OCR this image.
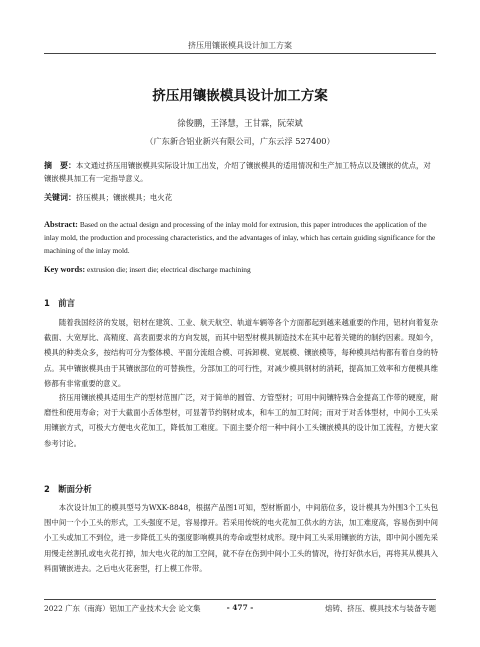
挤压用镶嵌模具设计加工方案
挤压用镶嵌模具设计加工方案
徐俊鹏，王泽慧，王甘霖，阮荣斌
（广东新合铝业新兴有限公司，广东云浮 527400）
摘　要：本文通过挤压用镶嵌模具实际设计加工出发，介绍了镶嵌模具的适用情况和生产加工特点以及镶嵌的优点，对镶嵌模具加工有一定指导意义。
关键词：挤压模具；镶嵌模具；电火花
Abstract: Based on the actual design and processing of the inlay mold for extrusion, this paper introduces the application of the inlay mold, the production and processing characteristics, and the advantages of inlay, which has certain guiding significance for the machining of the inlay mold.
Key words: extrusion die; insert die; electrical discharge machining
1　前言
随着我国经济的发展，铝材在建筑、工业、航天航空、轨道车辆等各个方面都起到越来越重要的作用，铝材向着复杂截面、大宽厚比、高精度、高表面要求的方向发展，而其中铝型材模具制造技术在其中起着关键的的制约因素。现如今，模具的种类众多，按结构可分为整体模、平面分流组合模、可拆卸模、宽展模、镶嵌模等，每种模具结构都有着自身的特点。其中镶嵌模具由于其镶嵌部位的可替换性，分部加工的可行性，对减少模具钢材的消耗，提高加工效率和方便模具维修都有非常重要的意义。
挤压用镶嵌模具适用生产的型材范围广泛，对于简单的圆管、方管型材；可用中间镶特殊合金提高工作带的硬度，耐磨性和使用寿命；对于大截面小舌体型材，可显著节约钢材成本，和车工的加工时间；而对于对舌体型材，中间小工头采用镶嵌方式，可极大方便电火花加工，降低加工难度。下面主要介绍一种中间小工头镶嵌模具的设计加工流程，方便大家参考讨论。
2　断面分析
本次设计加工的模具型号为WXK-8848，根据产品图1可知，型材断面小，中间筋位多，设计模具为外围3个工头包围中间一个小工头的形式，工头强度不足，容易撑开。若采用传统的电火花加工供水的方法，加工难度高，容易伤到中间小工头或加工不到位，进一步降低工头的强度影响模具的寿命或型材成形。现中间工头采用镶嵌的方法，即中间小圆先采用慢走丝割孔或电火花打掉，加大电火花的加工空间，就不存在伤到中间小工头的情况，待打好供水后，再将其从模具入料面镶嵌进去。之后电火花套型，打上模工作带。
2022 广东（南海）铝加工产业技术大会 论文集	- 477 -	熔铸、挤压、模具技术与装备专题
